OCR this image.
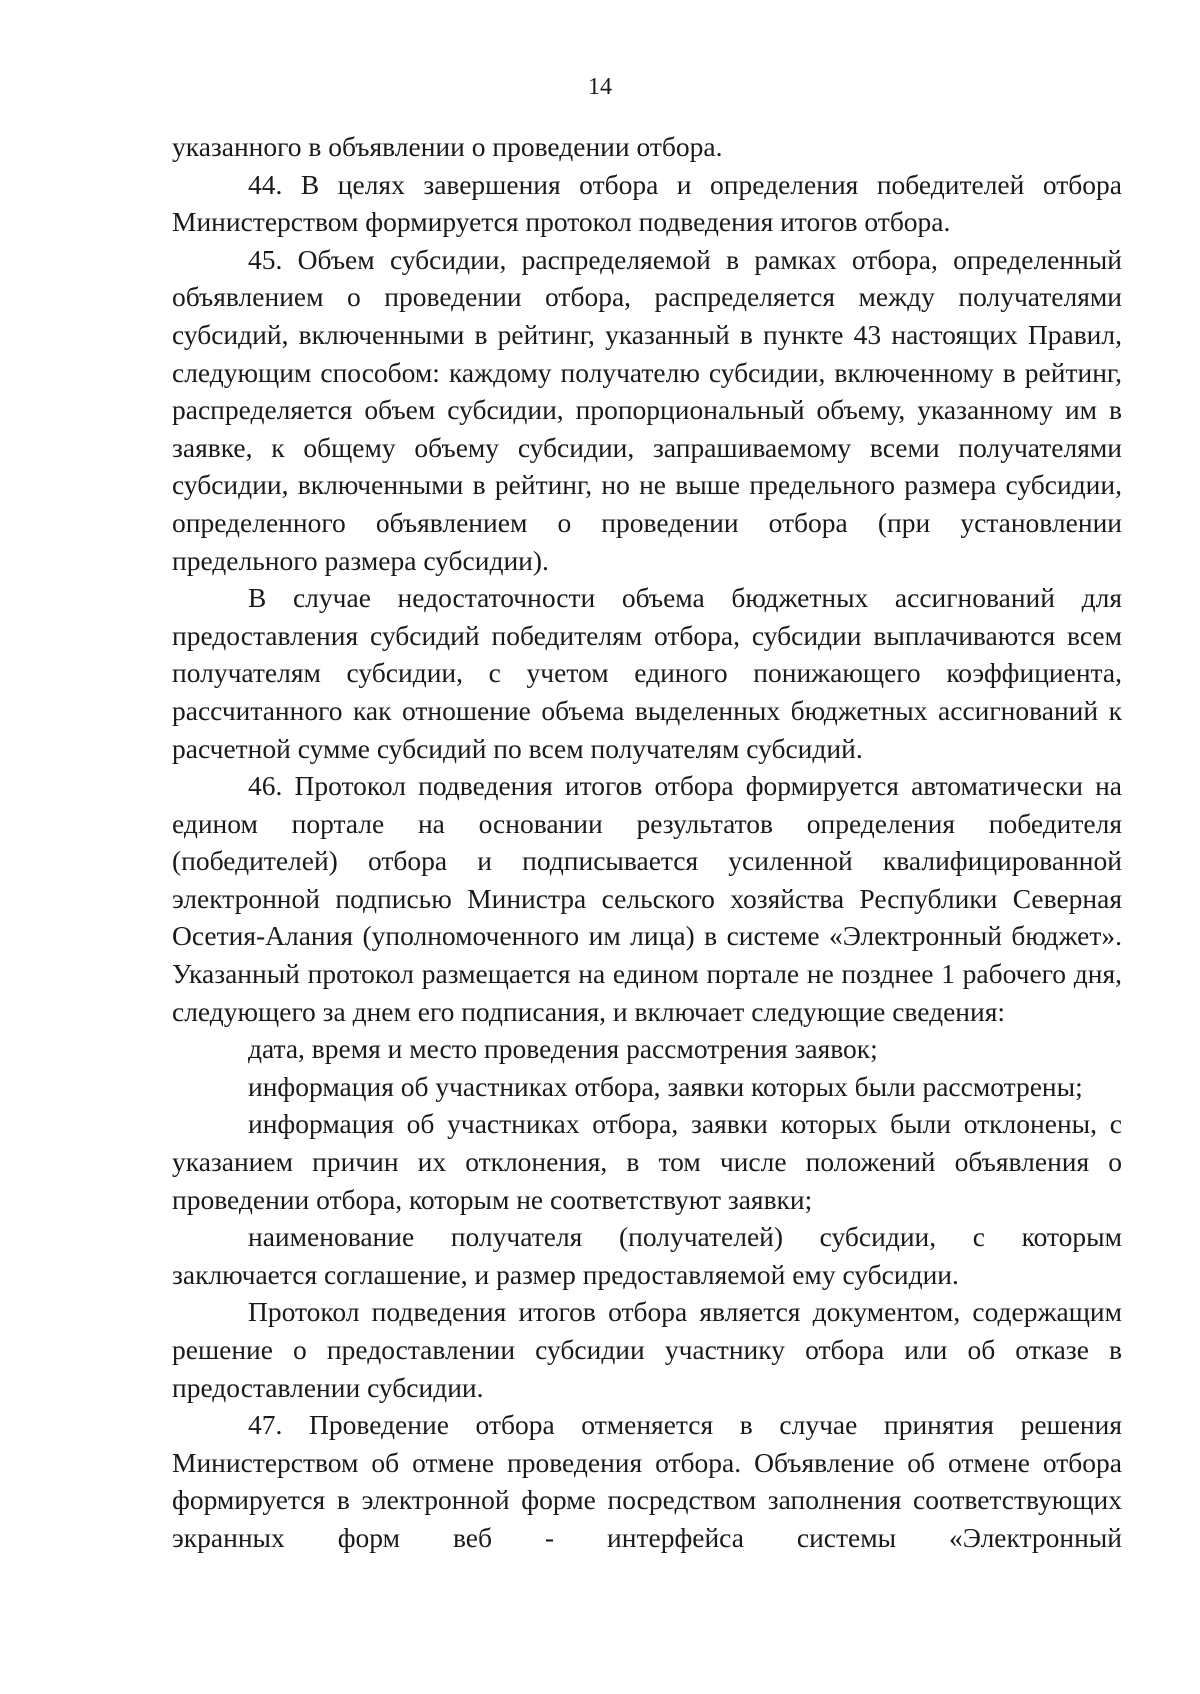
14

указанного в объявлении о проведении отбора.

44. В целях завершения отбора и определения победителей отбора Министерством формируется протокол подведения итогов отбора.

45. Объем субсидии, распределяемой в рамках отбора, определенный объявлением о проведении отбора, распределяется между получателями субсидий, включенными в рейтинг, указанный в пункте 43 настоящих Правил, следующим способом: каждому получателю субсидии, включенному в рейтинг, распределяется объем субсидии, пропорциональный объему, указанному им в заявке, к общему объему субсидии, запрашиваемому всеми получателями субсидии, включенными в рейтинг, но не выше предельного размера субсидии, определенного объявлением о проведении отбора (при установлении предельного размера субсидии).

В случае недостаточности объема бюджетных ассигнований для предоставления субсидий победителям отбора, субсидии выплачиваются всем получателям субсидии, с учетом единого понижающего коэффициента, рассчитанного как отношение объема выделенных бюджетных ассигнований к расчетной сумме субсидий по всем получателям субсидий.

46. Протокол подведения итогов отбора формируется автоматически на едином портале на основании результатов определения победителя (победителей) отбора и подписывается усиленной квалифицированной электронной подписью Министра сельского хозяйства Республики Северная Осетия-Алания (уполномоченного им лица) в системе «Электронный бюджет». Указанный протокол размещается на едином портале не позднее 1 рабочего дня, следующего за днем его подписания, и включает следующие сведения:

дата, время и место проведения рассмотрения заявок;

информация об участниках отбора, заявки которых были рассмотрены;

информация об участниках отбора, заявки которых были отклонены, с указанием причин их отклонения, в том числе положений объявления о проведении отбора, которым не соответствуют заявки;

наименование получателя (получателей) субсидии, с которым заключается соглашение, и размер предоставляемой ему субсидии.

Протокол подведения итогов отбора является документом, содержащим решение о предоставлении субсидии участнику отбора или об отказе в предоставлении субсидии.

47. Проведение отбора отменяется в случае принятия решения Министерством об отмене проведения отбора. Объявление об отмене отбора формируется в электронной форме посредством заполнения соответствующих экранных форм веб - интерфейса системы «Электронный
